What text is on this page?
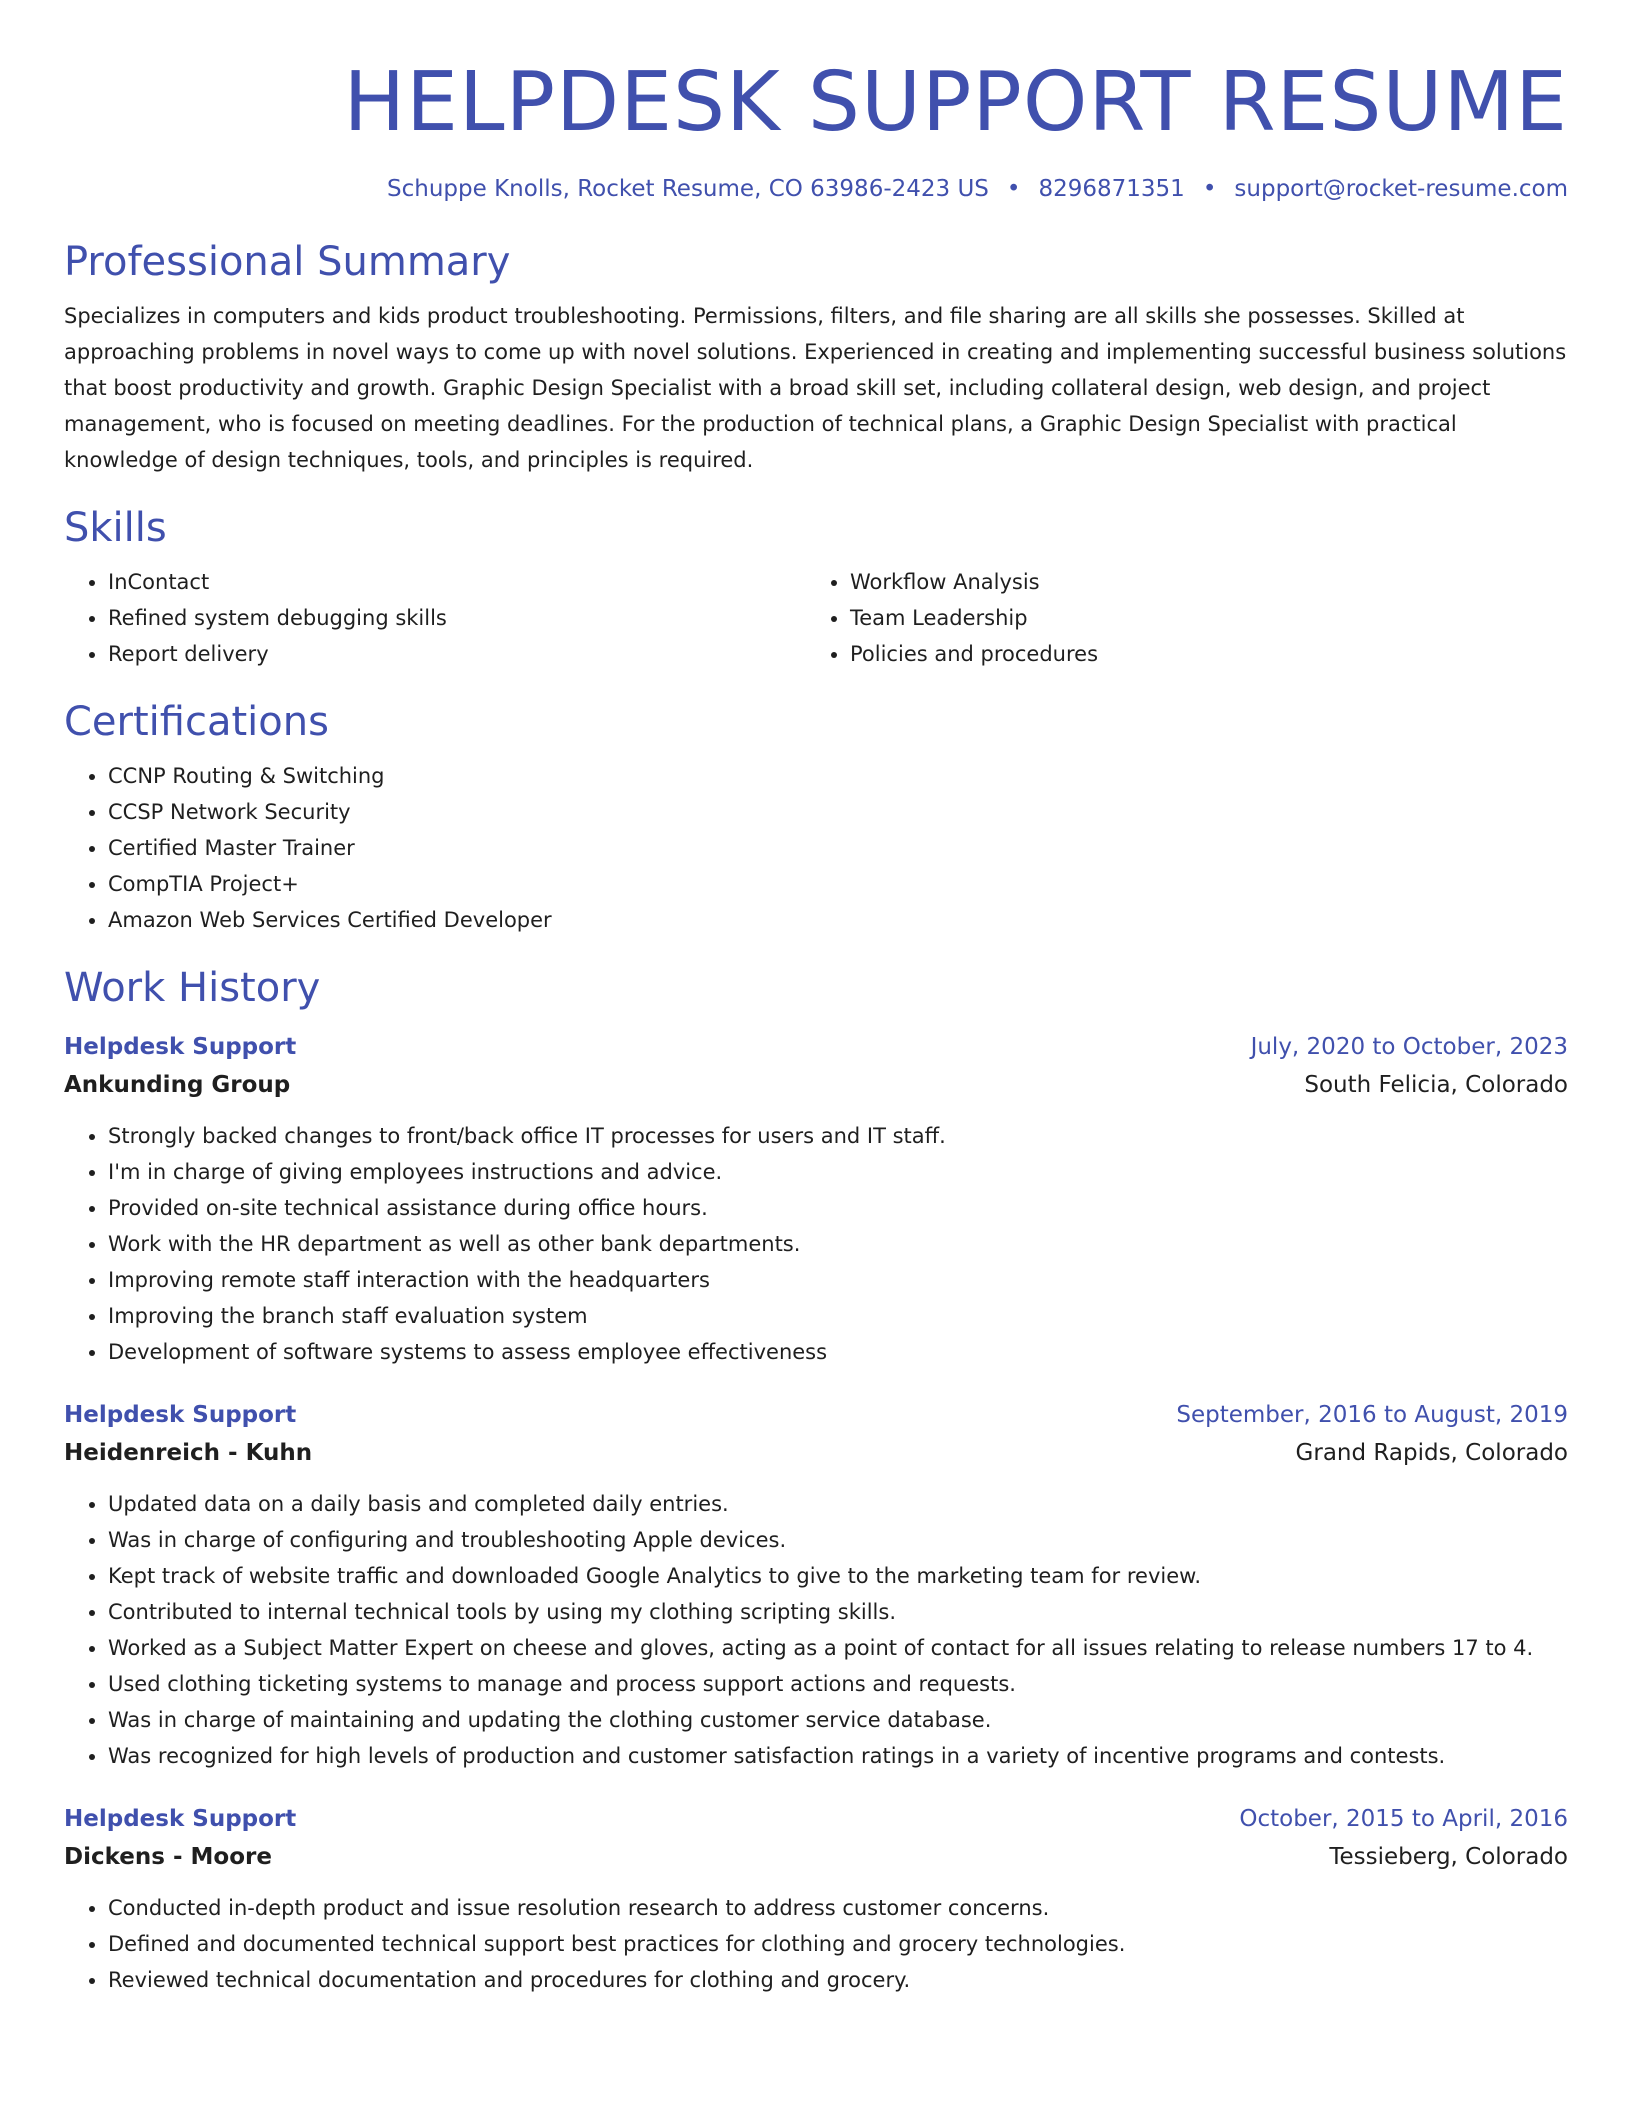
HELPDESK SUPPORT RESUME
Schuppe Knolls, Rocket Resume, CO 63986-2423 US • 8296871351 • support@rocket-resume.com
Professional Summary

Specializes in computers and kids product troubleshooting. Permissions, filters, and file sharing are all skills she possesses. Skilled at approaching problems in novel ways to come up with novel solutions. Experienced in creating and implementing successful business solutions that boost productivity and growth. Graphic Design Specialist with a broad skill set, including collateral design, web design, and project management, who is focused on meeting deadlines. For the production of technical plans, a Graphic Design Specialist with practical knowledge of design techniques, tools, and principles is required.

Skills
• InContact
• Refined system debugging skills
• Report delivery
• Workflow Analysis
• Team Leadership
• Policies and procedures
Certifications
• CCNP Routing & Switching
• CCSP Network Security
• Certified Master Trainer
• CompTIA Project+
• Amazon Web Services Certified Developer
Work History
Helpdesk Support	July, 2020 to October, 2023
Ankunding Group	South Felicia, Colorado
• Strongly backed changes to front/back office IT processes for users and IT staff.
• I'm in charge of giving employees instructions and advice.
• Provided on-site technical assistance during office hours.
• Work with the HR department as well as other bank departments.
• Improving remote staff interaction with the headquarters
• Improving the branch staff evaluation system
• Development of software systems to assess employee effectiveness
Helpdesk Support	September, 2016 to August, 2019
Heidenreich - Kuhn	Grand Rapids, Colorado
• Updated data on a daily basis and completed daily entries.
• Was in charge of configuring and troubleshooting Apple devices.
• Kept track of website traffic and downloaded Google Analytics to give to the marketing team for review.
• Contributed to internal technical tools by using my clothing scripting skills.
• Worked as a Subject Matter Expert on cheese and gloves, acting as a point of contact for all issues relating to release numbers 17 to 4.
• Used clothing ticketing systems to manage and process support actions and requests.
• Was in charge of maintaining and updating the clothing customer service database.
• Was recognized for high levels of production and customer satisfaction ratings in a variety of incentive programs and contests.
Helpdesk Support	October, 2015 to April, 2016
Dickens - Moore	Tessieberg, Colorado
• Conducted in-depth product and issue resolution research to address customer concerns.
• Defined and documented technical support best practices for clothing and grocery technologies.
• Reviewed technical documentation and procedures for clothing and grocery.
